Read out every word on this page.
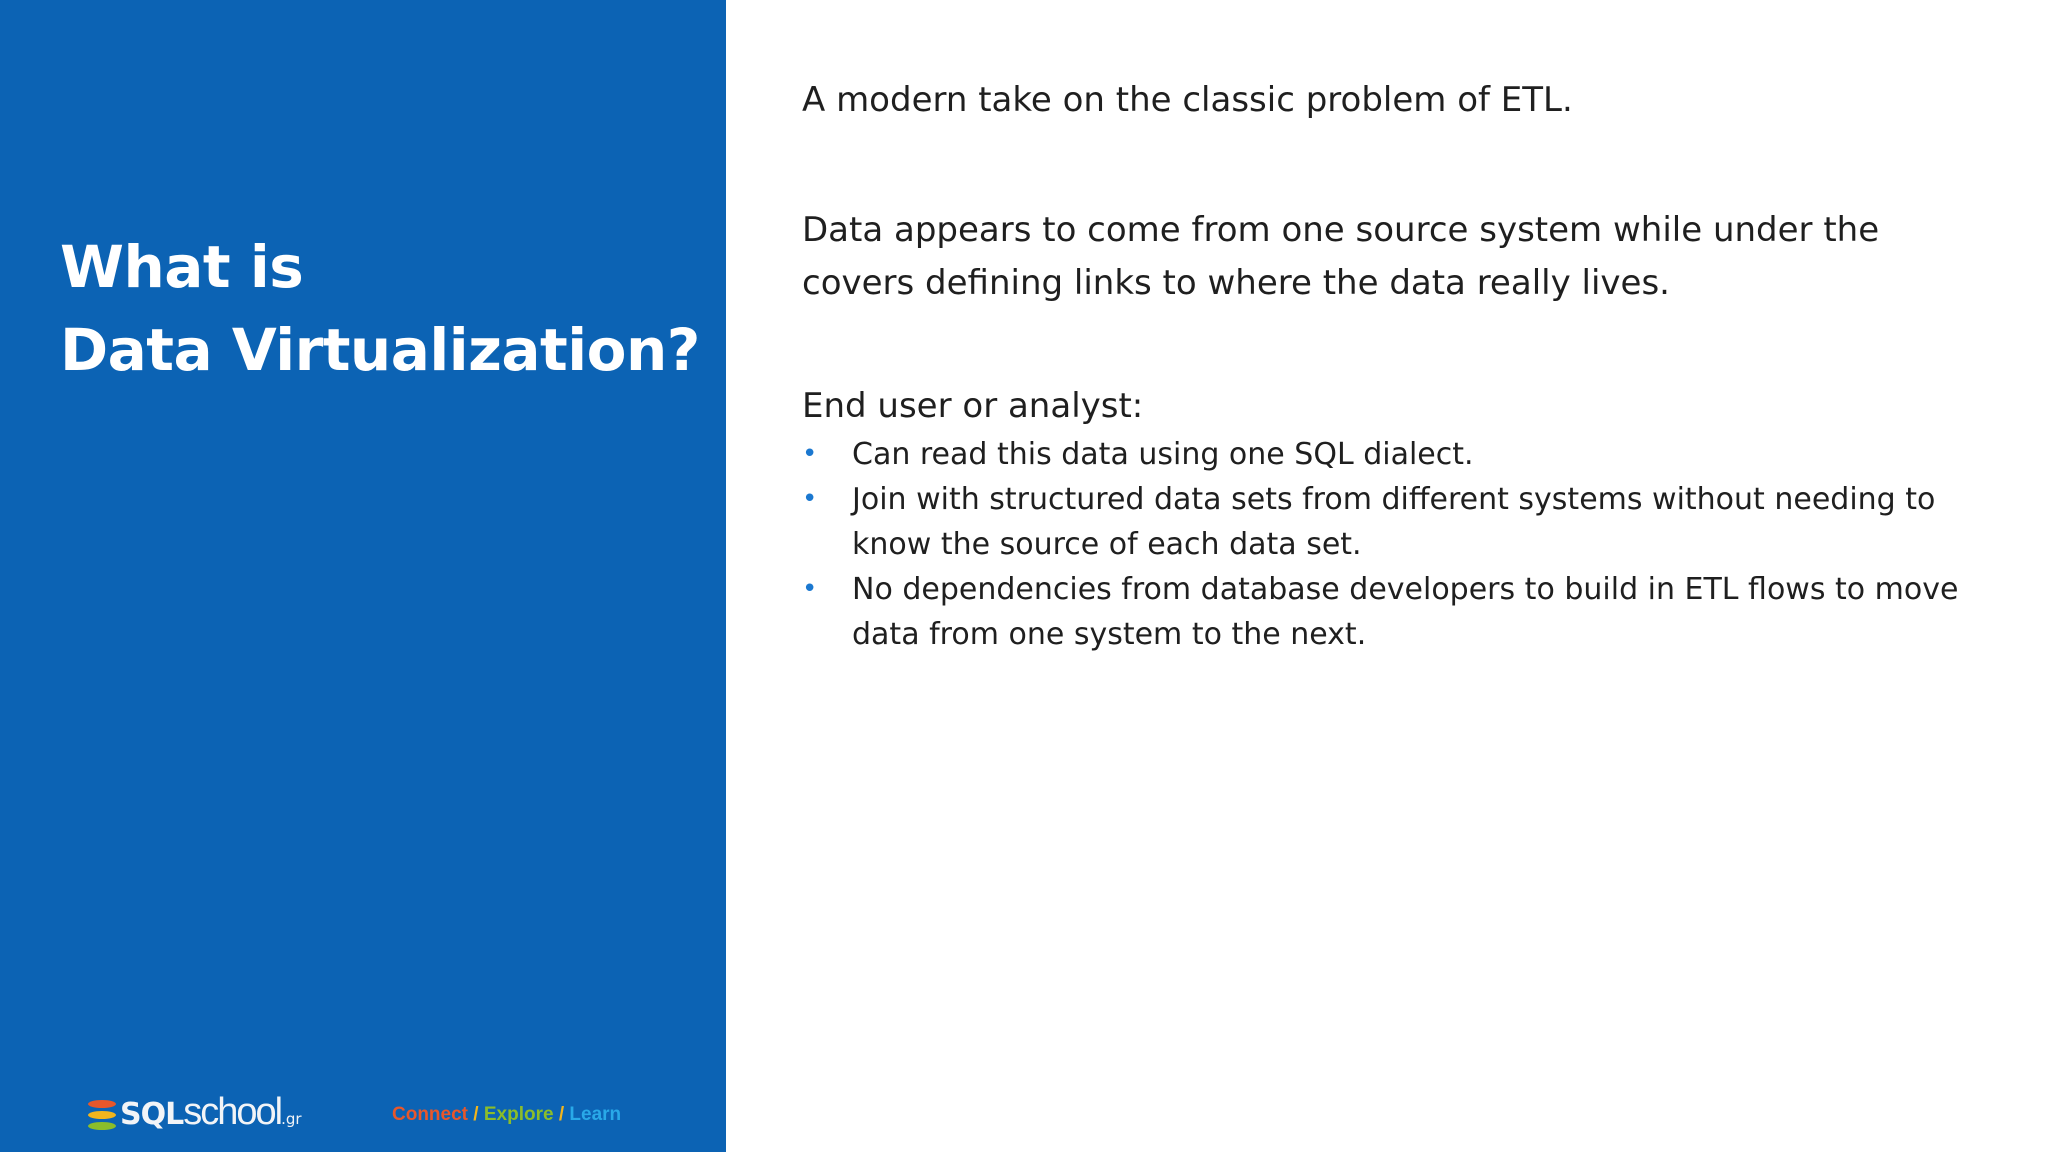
What is
Data Virtualization?
SQLschool.gr	Connect / Explore / Learn

A modern take on the classic problem of ETL.

Data appears to come from one source system while under the

covers defining links to where the data really lives.

End user or analyst:

• Can read this data using one SQL dialect.
• Join with structured data sets from different systems without needing to
know the source of each data set.
• No dependencies from database developers to build in ETL flows to move
data from one system to the next.
